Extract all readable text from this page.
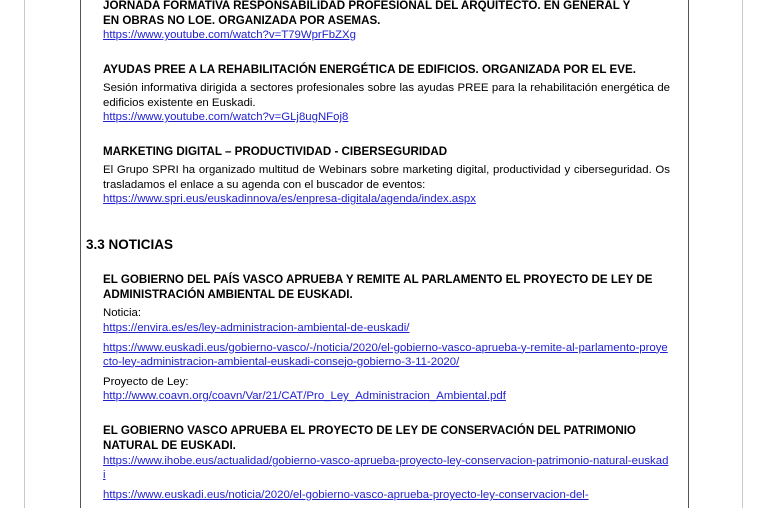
JORNADA FORMATIVA RESPONSABILIDAD PROFESIONAL DEL ARQUITECTO. EN GENERAL Y

EN OBRAS NO LOE. ORGANIZADA POR ASEMAS.

https://www.youtube.com/watch?v=T79WprFbZXg

AYUDAS PREE A LA REHABILITACIÓN ENERGÉTICA DE EDIFICIOS. ORGANIZADA POR EL EVE.

Sesión informativa dirigida a sectores profesionales sobre las ayudas PREE para la rehabilitación energética de edificios existente en Euskadi.

https://www.youtube.com/watch?v=GLj8ugNFoj8

MARKETING DIGITAL – PRODUCTIVIDAD - CIBERSEGURIDAD

El Grupo SPRI ha organizado multitud de Webinars sobre marketing digital, productividad y ciberseguridad. Os trasladamos el enlace a su agenda con el buscador de eventos:

https://www.spri.eus/euskadinnova/es/enpresa-digitala/agenda/index.aspx

3.3 NOTICIAS

EL GOBIERNO DEL PAÍS VASCO APRUEBA Y REMITE AL PARLAMENTO EL PROYECTO DE LEY DE ADMINISTRACIÓN AMBIENTAL DE EUSKADI.

Noticia:

https://envira.es/es/ley-administracion-ambiental-de-euskadi/
https://www.euskadi.eus/gobierno-vasco/-/noticia/2020/el-gobierno-vasco-aprueba-y-remite-al-parlamento-proyecto-ley-administracion-ambiental-euskadi-consejo-gobierno-3-11-2020/

Proyecto de Ley:

http://www.coavn.org/coavn/Var/21/CAT/Pro_Ley_Administracion_Ambiental.pdf

EL GOBIERNO VASCO APRUEBA EL PROYECTO DE LEY DE CONSERVACIÓN DEL PATRIMONIO NATURAL DE EUSKADI.

https://www.ihobe.eus/actualidad/gobierno-vasco-aprueba-proyecto-ley-conservacion-patrimonio-natural-euskadi
https://www.euskadi.eus/noticia/2020/el-gobierno-vasco-aprueba-proyecto-ley-conservacion-del-
